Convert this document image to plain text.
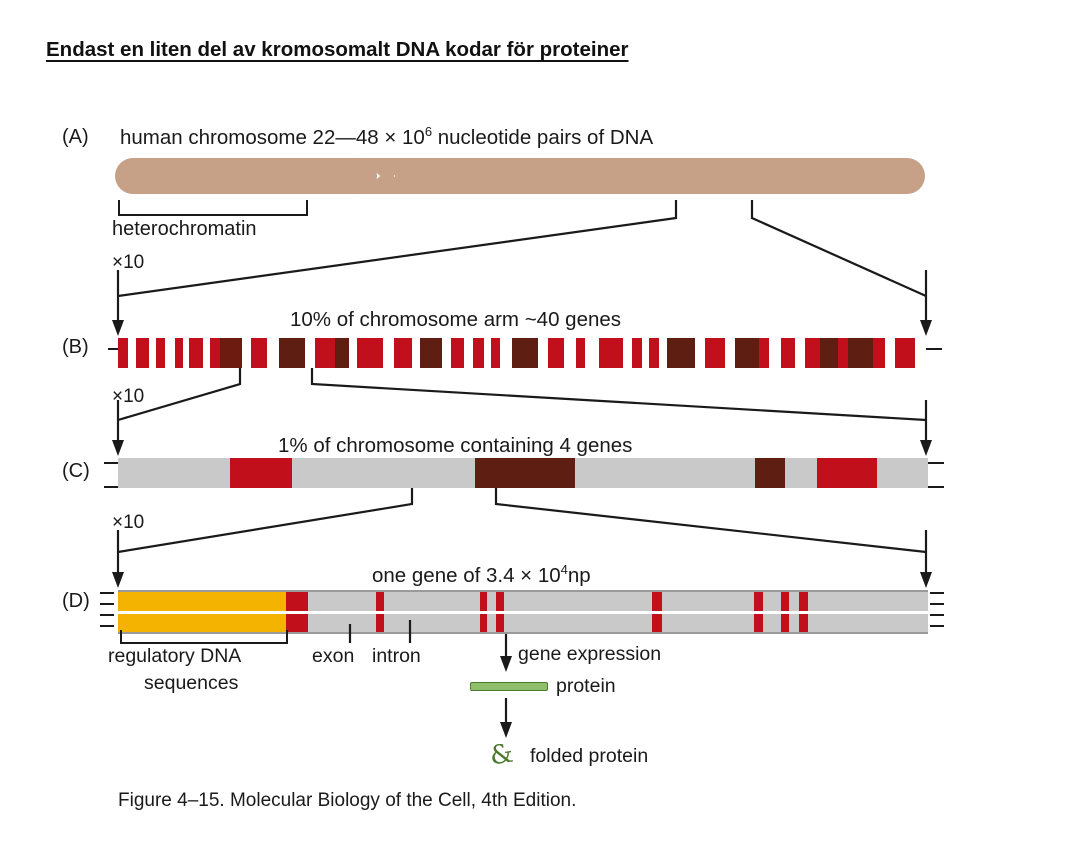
Endast en liten del av kromosomalt DNA kodar för proteiner
(A) human chromosome 22—48 × $10^6$ nucleotide pairs of DNA
heterochromatin
×10
10% of chromosome arm ~40 genes
(B)
×10
1% of chromosome containing 4 genes
(C)
×10
one gene of $3.4 \times 10^4np$
(D)
regulatory DNA
sequences
exon intron	gene expression
protein
& folded protein
Figure 4–15. Molecular Biology of the Cell, 4th Edition.
